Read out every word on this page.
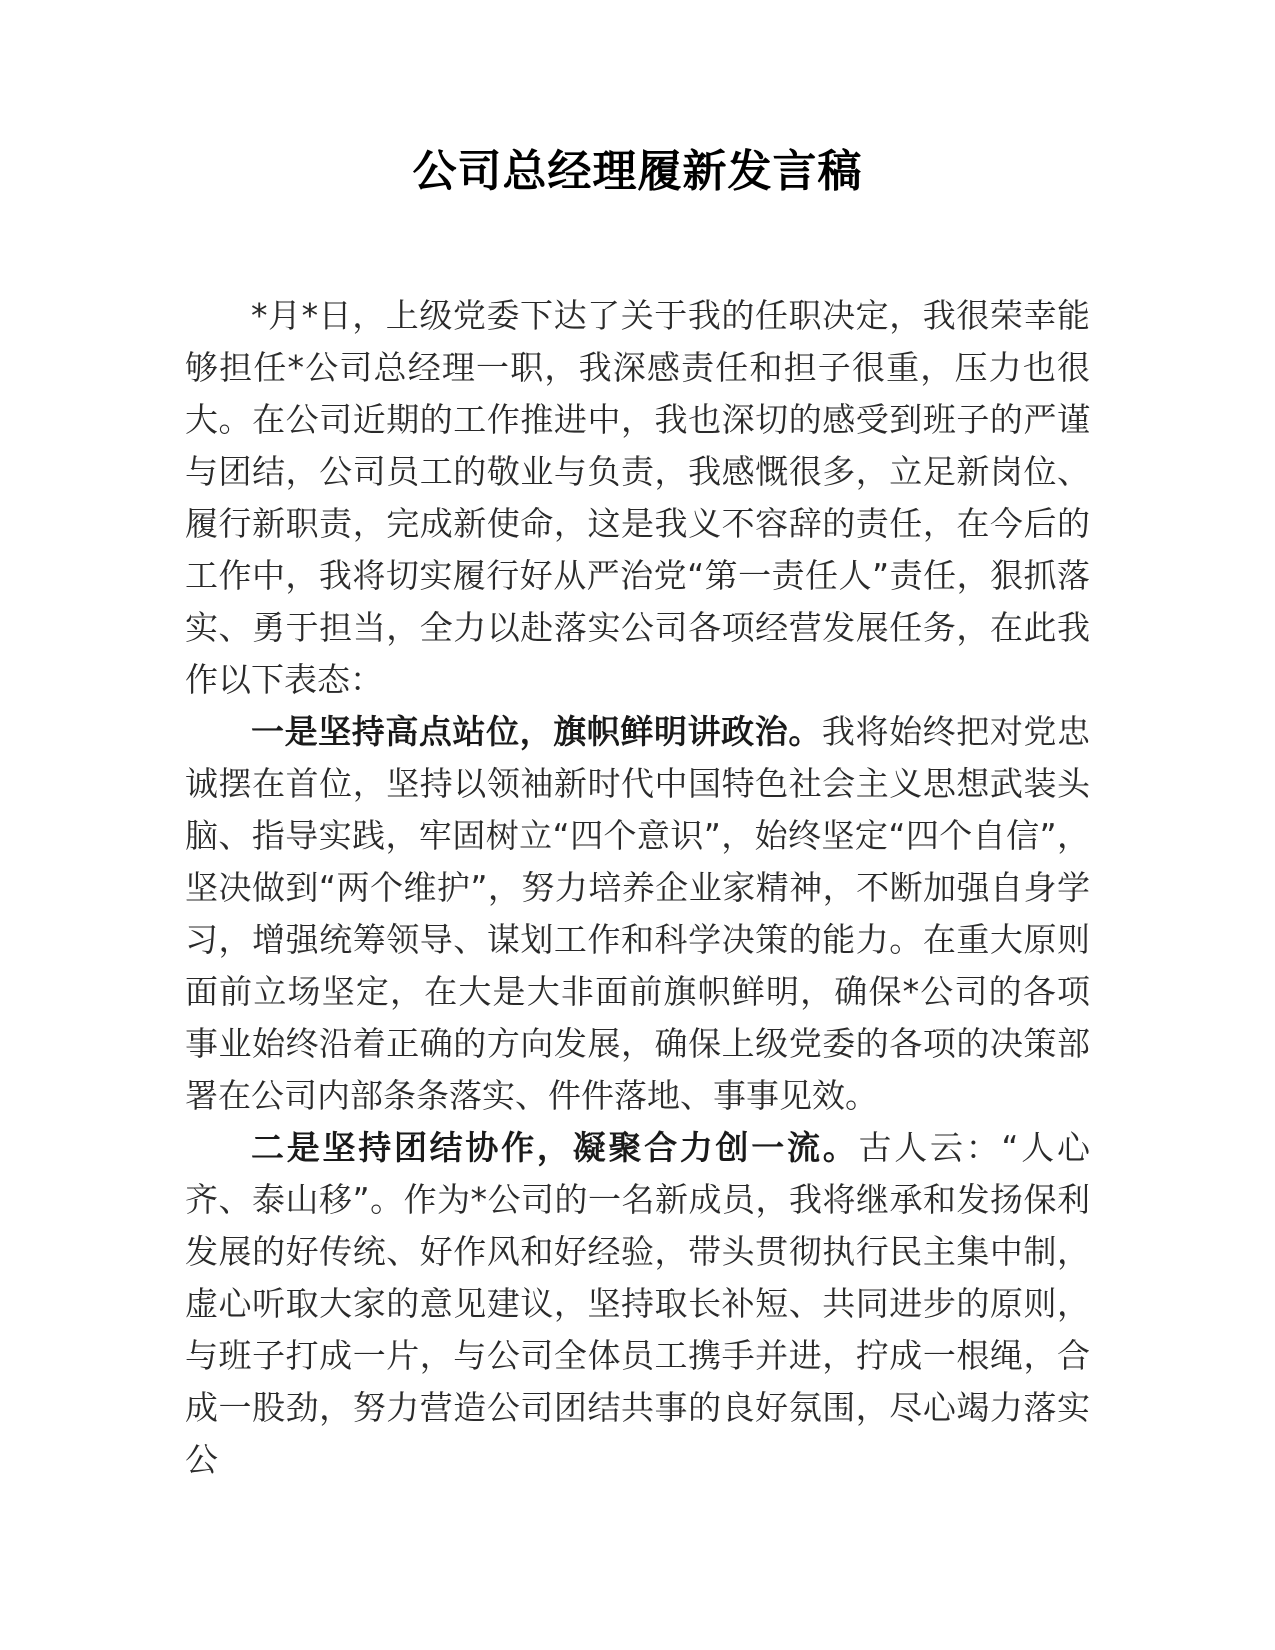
公司总经理履新发言稿

*月*日，上级党委下达了关于我的任职决定，我很荣幸能够担任*公司总经理一职，我深感责任和担子很重，压力也很大。在公司近期的工作推进中，我也深切的感受到班子的严谨与团结，公司员工的敬业与负责，我感慨很多，立足新岗位、履行新职责，完成新使命，这是我义不容辞的责任，在今后的工作中，我将切实履行好从严治党“第一责任人”责任，狠抓落实、勇于担当，全力以赴落实公司各项经营发展任务，在此我作以下表态：

一是坚持高点站位，旗帜鲜明讲政治。我将始终把对党忠诚摆在首位，坚持以领袖新时代中国特色社会主义思想武装头脑、指导实践，牢固树立“四个意识”，始终坚定“四个自信”，坚决做到“两个维护”，努力培养企业家精神，不断加强自身学习，增强统筹领导、谋划工作和科学决策的能力。在重大原则面前立场坚定，在大是大非面前旗帜鲜明，确保*公司的各项事业始终沿着正确的方向发展，确保上级党委的各项的决策部署在公司内部条条落实、件件落地、事事见效。

二是坚持团结协作，凝聚合力创一流。古人云：“人心齐、泰山移”。作为*公司的一名新成员，我将继承和发扬保利发展的好传统、好作风和好经验，带头贯彻执行民主集中制，虚心听取大家的意见建议，坚持取长补短、共同进步的原则，与班子打成一片，与公司全体员工携手并进，拧成一根绳，合成一股劲，努力营造公司团结共事的良好氛围，尽心竭力落实公
